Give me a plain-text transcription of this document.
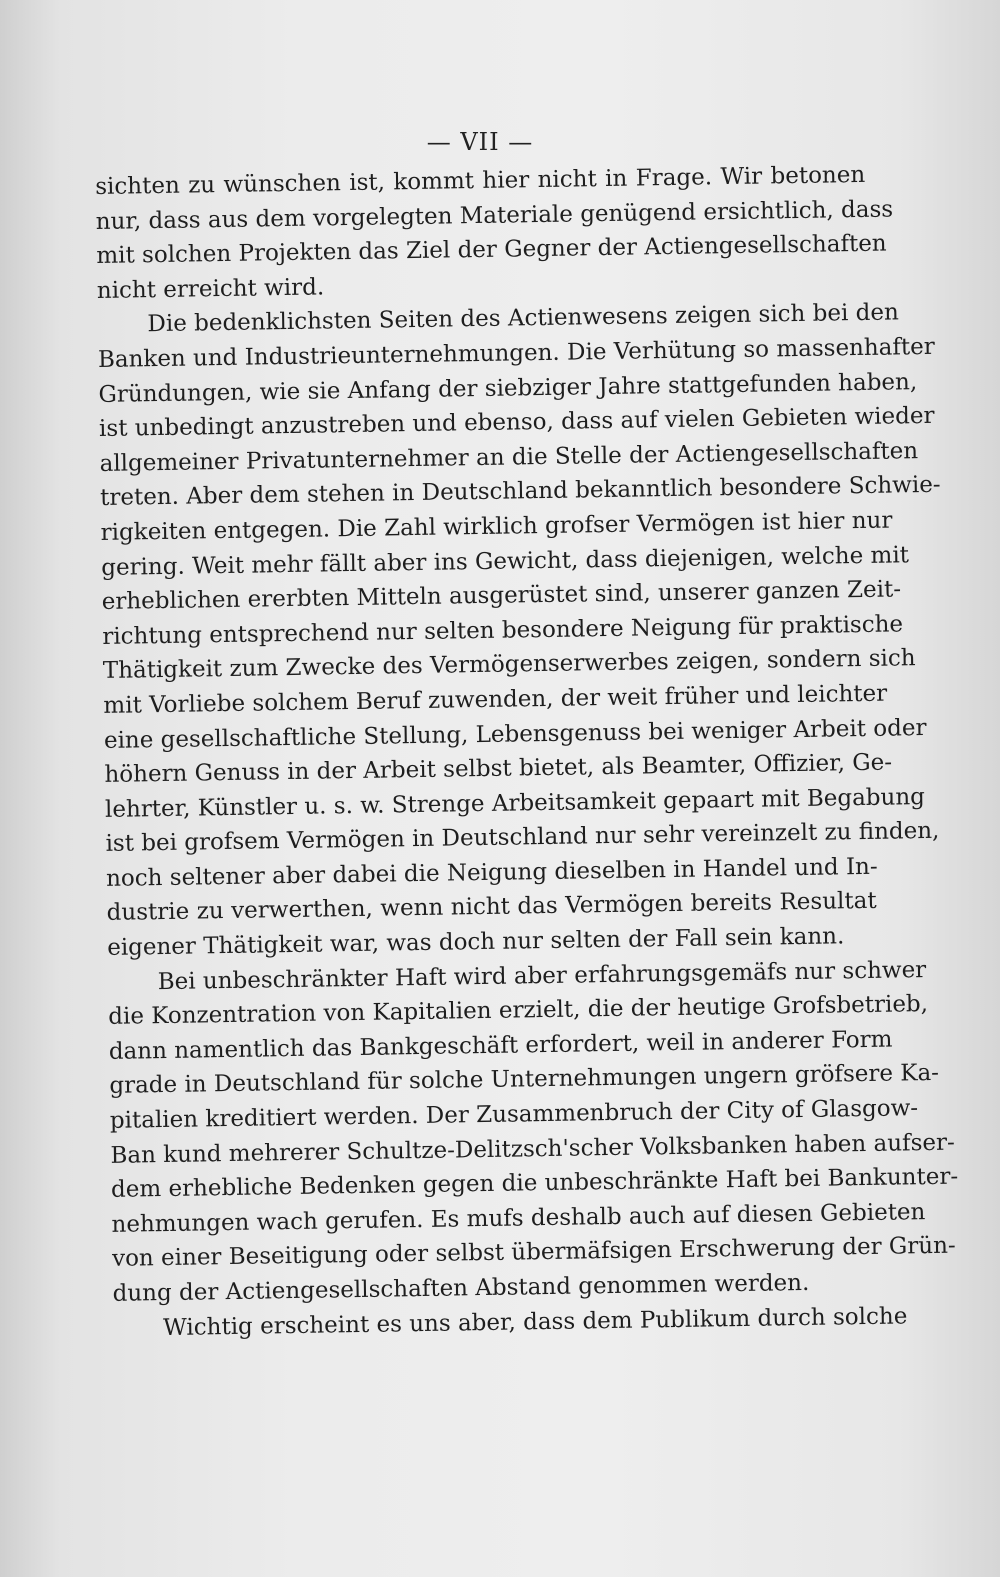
— VII —
sichten zu wünschen ist, kommt hier nicht in Frage. Wir betonen
nur, dass aus dem vorgelegten Materiale genügend ersichtlich, dass
mit solchen Projekten das Ziel der Gegner der Actiengesellschaften
nicht erreicht wird.
Die bedenklichsten Seiten des Actienwesens zeigen sich bei den
Banken und Industrieunternehmungen. Die Verhütung so massenhafter
Gründungen, wie sie Anfang der siebziger Jahre stattgefunden haben,
ist unbedingt anzustreben und ebenso, dass auf vielen Gebieten wieder
allgemeiner Privatunternehmer an die Stelle der Actiengesellschaften
treten. Aber dem stehen in Deutschland bekanntlich besondere Schwie-
rigkeiten entgegen. Die Zahl wirklich grofser Vermögen ist hier nur
gering. Weit mehr fällt aber ins Gewicht, dass diejenigen, welche mit
erheblichen ererbten Mitteln ausgerüstet sind, unserer ganzen Zeit-
richtung entsprechend nur selten besondere Neigung für praktische
Thätigkeit zum Zwecke des Vermögenserwerbes zeigen, sondern sich
mit Vorliebe solchem Beruf zuwenden, der weit früher und leichter
eine gesellschaftliche Stellung, Lebensgenuss bei weniger Arbeit oder
höhern Genuss in der Arbeit selbst bietet, als Beamter, Offizier, Ge-
lehrter, Künstler u. s. w. Strenge Arbeitsamkeit gepaart mit Begabung
ist bei grofsem Vermögen in Deutschland nur sehr vereinzelt zu finden,
noch seltener aber dabei die Neigung dieselben in Handel und In-
dustrie zu verwerthen, wenn nicht das Vermögen bereits Resultat
eigener Thätigkeit war, was doch nur selten der Fall sein kann.
Bei unbeschränkter Haft wird aber erfahrungsgemäfs nur schwer
die Konzentration von Kapitalien erzielt, die der heutige Grofsbetrieb,
dann namentlich das Bankgeschäft erfordert, weil in anderer Form
grade in Deutschland für solche Unternehmungen ungern gröfsere Ka-
pitalien kreditiert werden. Der Zusammenbruch der City of Glasgow-
Ban kund mehrerer Schultze-Delitzsch'scher Volksbanken haben aufser-
dem erhebliche Bedenken gegen die unbeschränkte Haft bei Bankunter-
nehmungen wach gerufen. Es mufs deshalb auch auf diesen Gebieten
von einer Beseitigung oder selbst übermäfsigen Erschwerung der Grün-
dung der Actiengesellschaften Abstand genommen werden.
Wichtig erscheint es uns aber, dass dem Publikum durch solche
